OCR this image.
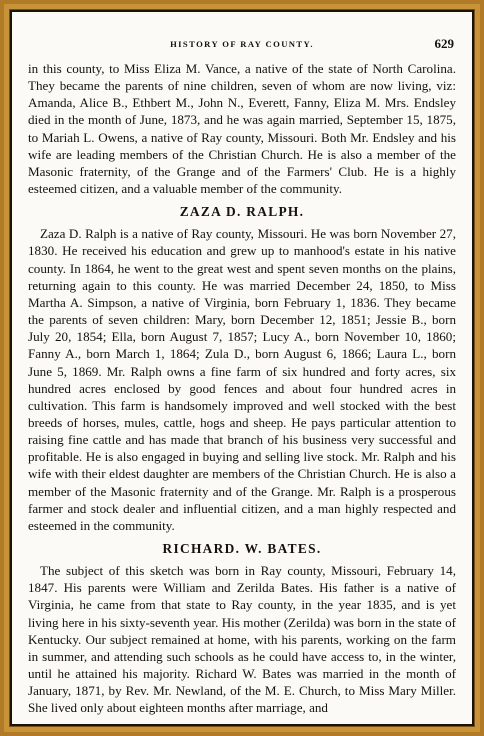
HISTORY OF RAY COUNTY.	629

in this county, to Miss Eliza M. Vance, a native of the state of North Carolina. They became the parents of nine children, seven of whom are now living, viz: Amanda, Alice B., Ethbert M., John N., Everett, Fanny, Eliza M. Mrs. Endsley died in the month of June, 1873, and he was again married, September 15, 1875, to Mariah L. Owens, a native of Ray county, Missouri. Both Mr. Endsley and his wife are leading members of the Christian Church. He is also a member of the Masonic fraternity, of the Grange and of the Farmers' Club. He is a highly esteemed citizen, and a valuable member of the community.

ZAZA D. RALPH.

Zaza D. Ralph is a native of Ray county, Missouri. He was born November 27, 1830. He received his education and grew up to manhood's estate in his native county. In 1864, he went to the great west and spent seven months on the plains, returning again to this county. He was married December 24, 1850, to Miss Martha A. Simpson, a native of Virginia, born February 1, 1836. They became the parents of seven children: Mary, born December 12, 1851; Jessie B., born July 20, 1854; Ella, born August 7, 1857; Lucy A., born November 10, 1860; Fanny A., born March 1, 1864; Zula D., born August 6, 1866; Laura L., born June 5, 1869. Mr. Ralph owns a fine farm of six hundred and forty acres, six hundred acres enclosed by good fences and about four hundred acres in cultivation. This farm is handsomely improved and well stocked with the best breeds of horses, mules, cattle, hogs and sheep. He pays particular attention to raising fine cattle and has made that branch of his business very successful and profitable. He is also engaged in buying and selling live stock. Mr. Ralph and his wife with their eldest daughter are members of the Christian Church. He is also a member of the Masonic fraternity and of the Grange. Mr. Ralph is a prosperous farmer and stock dealer and influential citizen, and a man highly respected and esteemed in the community.

RICHARD. W. BATES.

The subject of this sketch was born in Ray county, Missouri, February 14, 1847. His parents were William and Zerilda Bates. His father is a native of Virginia, he came from that state to Ray county, in the year 1835, and is yet living here in his sixty-seventh year. His mother (Zerilda) was born in the state of Kentucky. Our subject remained at home, with his parents, working on the farm in summer, and attending such schools as he could have access to, in the winter, until he attained his majority. Richard W. Bates was married in the month of January, 1871, by Rev. Mr. Newland, of the M. E. Church, to Miss Mary Miller. She lived only about eighteen months after marriage, and
